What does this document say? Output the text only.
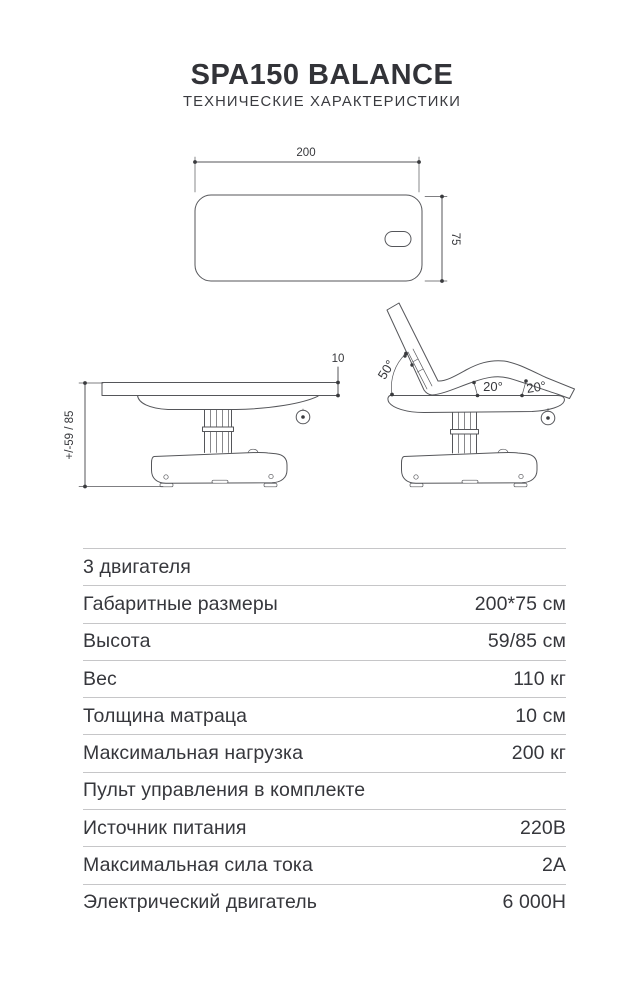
SPA150 BALANCE
ТЕХНИЧЕСКИЕ ХАРАКТЕРИСТИКИ
200
75
10
+/-59 / 85
50°
20° 20°
3 двигателя
Габаритные размеры	200*75 см
Высота	59/85 см
Вес	110 кг
Толщина матраца	10 см
Максимальная нагрузка	200 кг
Пульт управления в комплекте
Источник питания	220В
Максимальная сила тока	2А
Электрический двигатель	6 000Н
